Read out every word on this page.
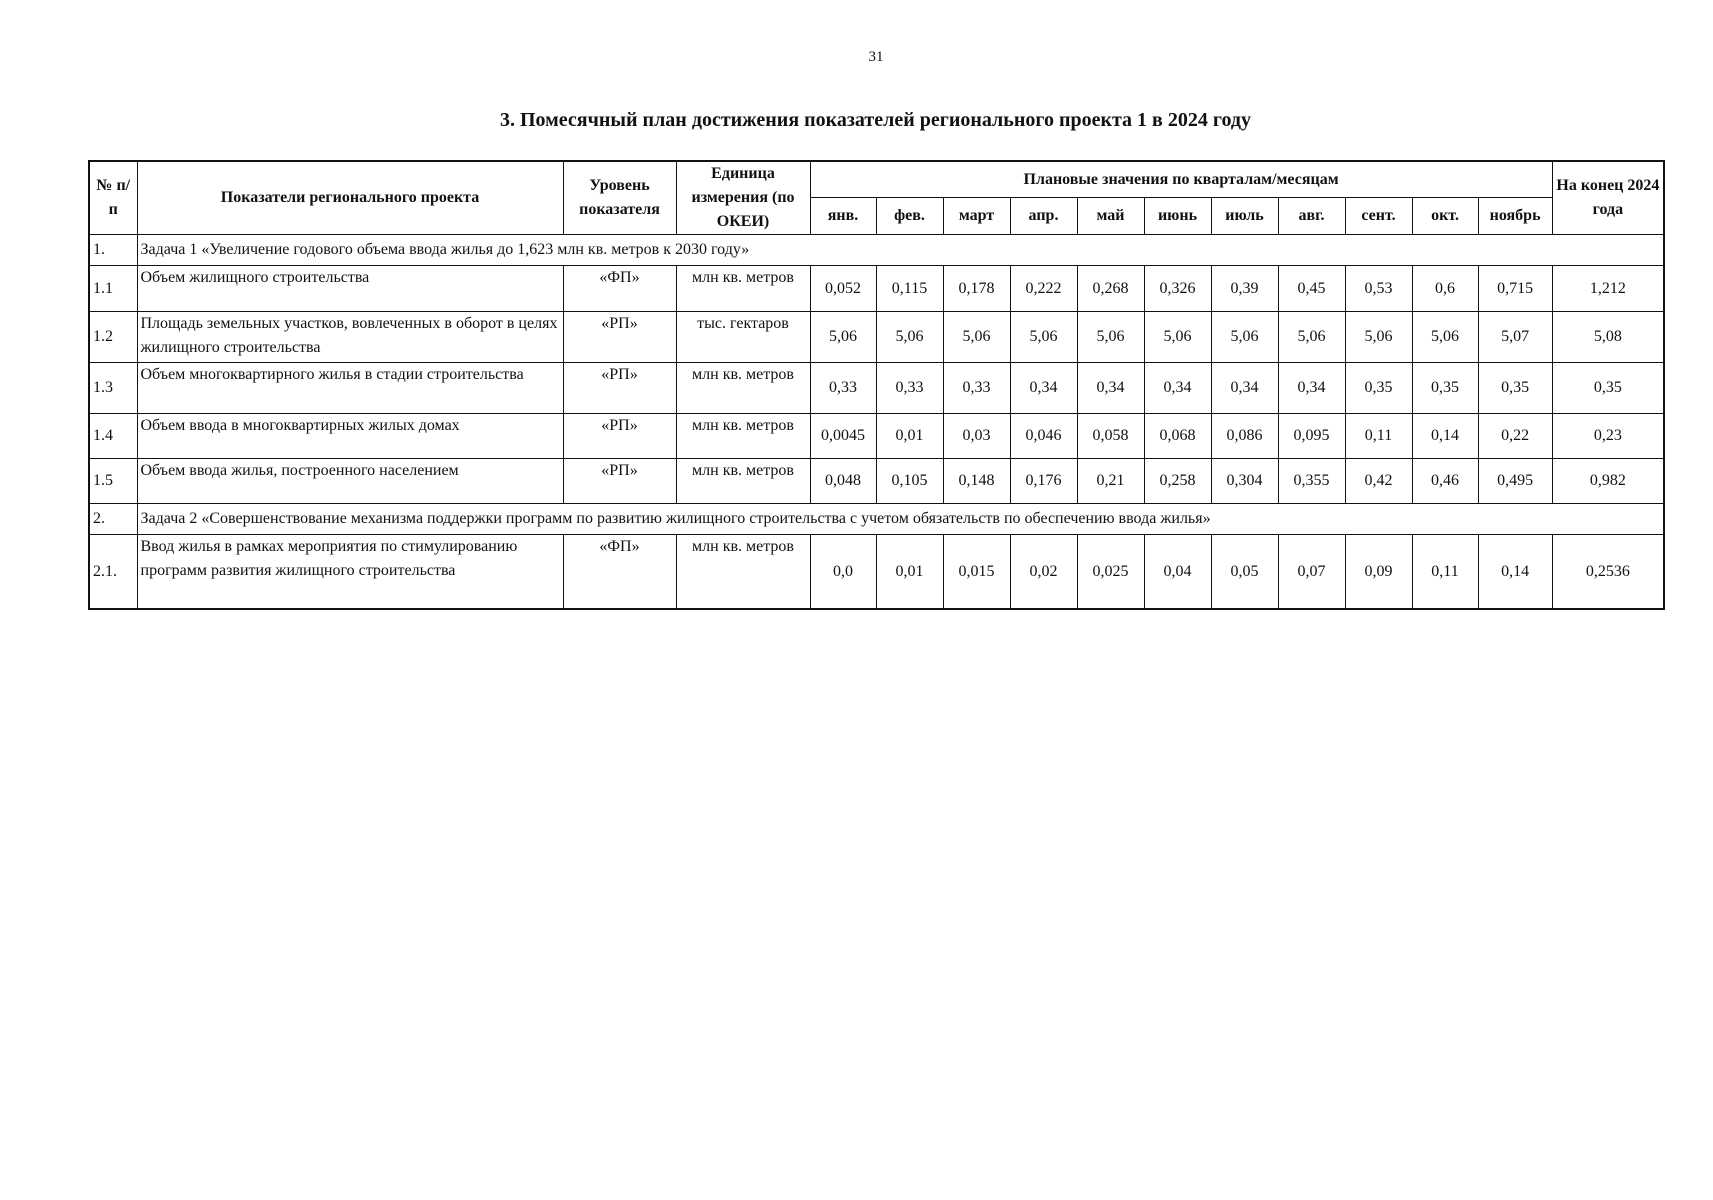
31
3. Помесячный план достижения показателей регионального проекта 1 в 2024 году
№ п/п	Показатели регионального проекта	Уровень показателя	Единица измерения (по ОКЕИ)	Плановые значения по кварталам/месяцам											На конец 2024 года
				янв.	фев.	март	апр.	май	июнь	июль	авг.	сент.	окт.	ноябрь	
1.	Задача 1 «Увеличение годового объема ввода жилья до 1,623 млн кв. метров к 2030 году»														
1.1	Объем жилищного строительства	«ФП»	млн кв. метров	0,052	0,115	0,178	0,222	0,268	0,326	0,39	0,45	0,53	0,6	0,715	1,212
1.2	Площадь земельных участков, вовлеченных в оборот в целях жилищного строительства	«РП»	тыс. гектаров	5,06	5,06	5,06	5,06	5,06	5,06	5,06	5,06	5,06	5,06	5,07	5,08
1.3	Объем многоквартирного жилья в стадии строительства	«РП»	млн кв. метров	0,33	0,33	0,33	0,34	0,34	0,34	0,34	0,34	0,35	0,35	0,35	0,35
1.4	Объем ввода в многоквартирных жилых домах	«РП»	млн кв. метров	0,0045	0,01	0,03	0,046	0,058	0,068	0,086	0,095	0,11	0,14	0,22	0,23
1.5	Объем ввода жилья, построенного населением	«РП»	млн кв. метров	0,048	0,105	0,148	0,176	0,21	0,258	0,304	0,355	0,42	0,46	0,495	0,982
2.	Задача 2 «Совершенствование механизма поддержки программ по развитию жилищного строительства с учетом обязательств по обеспечению ввода жилья»														
2.1.	Ввод жилья в рамках мероприятия по стимулированию программ развития жилищного строительства	«ФП»	млн кв. метров	0,0	0,01	0,015	0,02	0,025	0,04	0,05	0,07	0,09	0,11	0,14	0,2536
